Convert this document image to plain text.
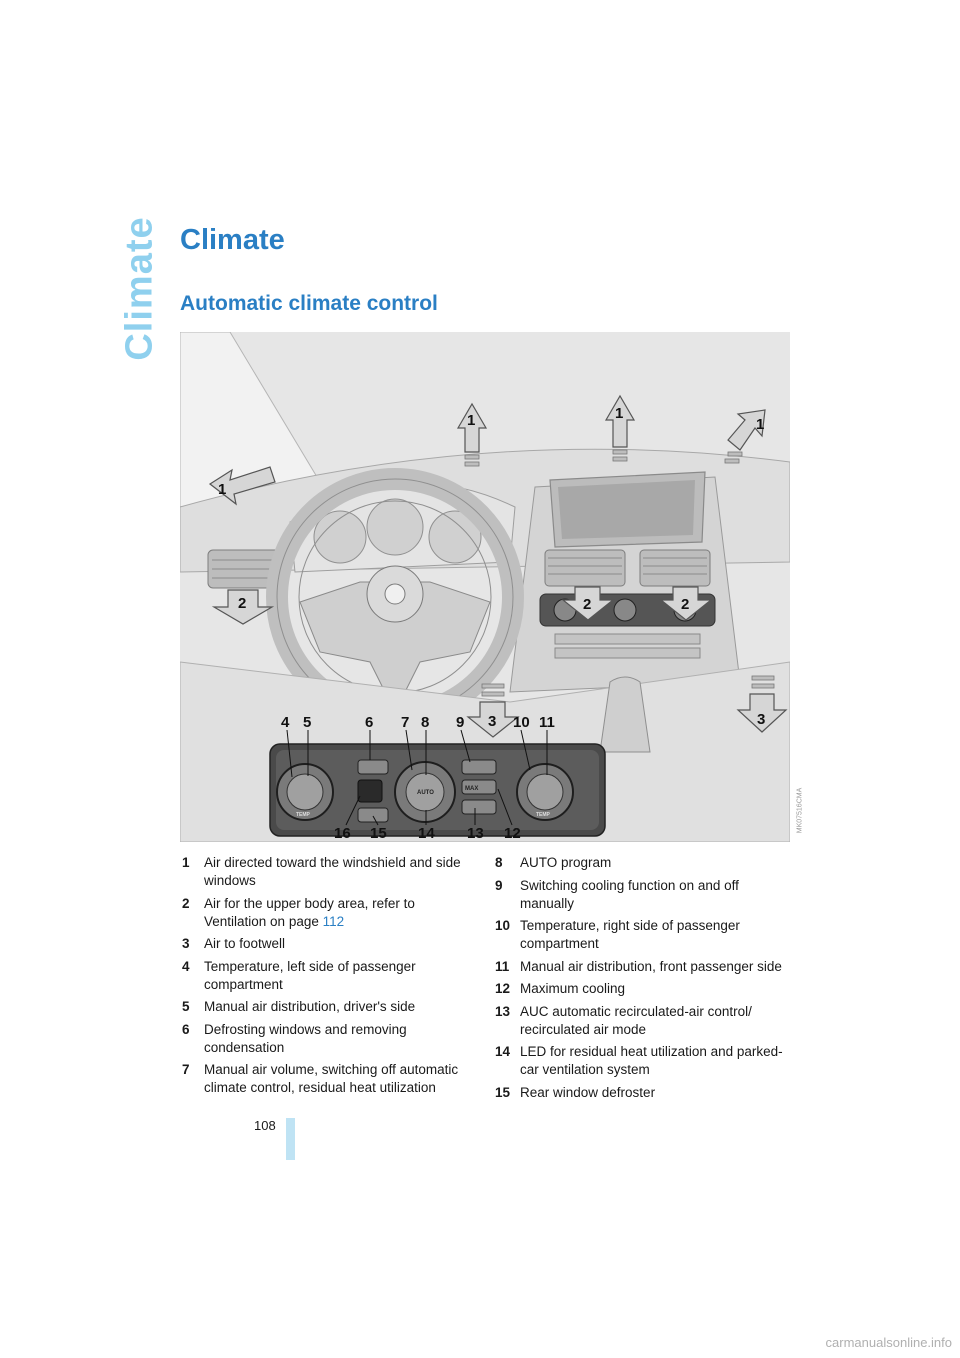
Climate Climate
Automatic climate control
1
1	1
1
2	2	2
3	3
4 5	6 7 8 9	10 11
12
13
14
15
16
AUTO
MAX
TEMP	TEMP	MK07516CMA
1	Air directed toward the windshield and side windows
2	Air for the upper body area, refer to Ventilation on page 112
3	Air to footwell
4	Temperature, left side of passenger compartment
5	Manual air distribution, driver's side
6	Defrosting windows and removing condensation
7	Manual air volume, switching off automatic climate control, residual heat utilization
8	AUTO program
9	Switching cooling function on and off manually
10 Temperature, right side of passenger compartment
11 Manual air distribution, front passenger side
12 Maximum cooling
13 AUC automatic recirculated-air control/ recirculated air mode
14 LED for residual heat utilization and parked-car ventilation system
15 Rear window defroster
108
carmanualsonline.info
